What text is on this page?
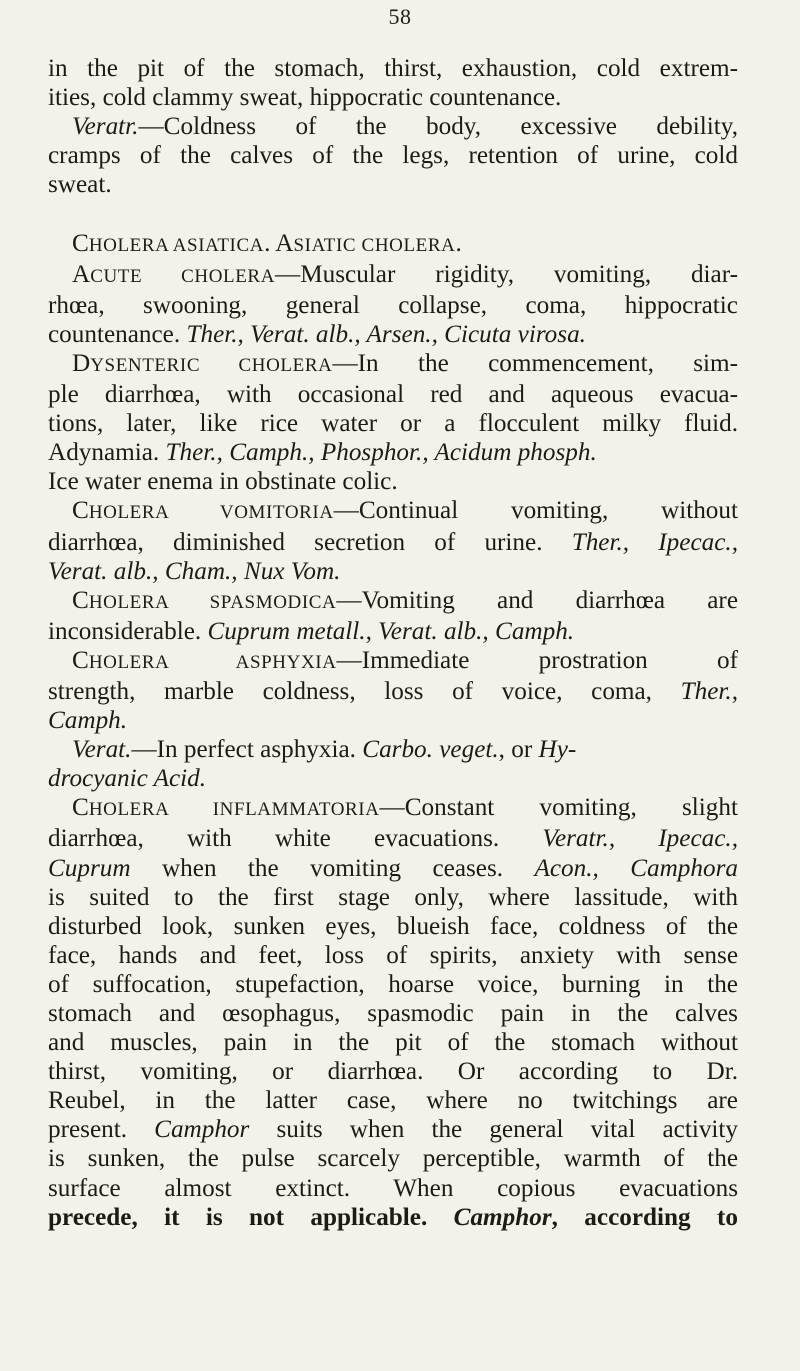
58
in the pit of the stomach, thirst, exhaustion, cold extrem-
ities, cold clammy sweat, hippocratic countenance.
Veratr.—Coldness of the body, excessive debility,
cramps of the calves of the legs, retention of urine, cold
sweat.
CHOLERA ASIATICA. ASIATIC CHOLERA.
ACUTE CHOLERA—Muscular rigidity, vomiting, diar-
rhœa, swooning, general collapse, coma, hippocratic
countenance. Ther., Verat. alb., Arsen., Cicuta virosa.
DYSENTERIC CHOLERA—In the commencement, sim-
ple diarrhœa, with occasional red and aqueous evacua-
tions, later, like rice water or a flocculent milky fluid.
Adynamia. Ther., Camph., Phosphor., Acidum phosph.
Ice water enema in obstinate colic.
CHOLERA VOMITORIA—Continual vomiting, without
diarrhœa, diminished secretion of urine. Ther., Ipecac.,
Verat. alb., Cham., Nux Vom.
CHOLERA SPASMODICA—Vomiting and diarrhœa are
inconsiderable. Cuprum metall., Verat. alb., Camph.
CHOLERA ASPHYXIA—Immediate prostration of
strength, marble coldness, loss of voice, coma, Ther.,
Camph.
Verat.—In perfect asphyxia. Carbo. veget., or Hy-
drocyanic Acid.
CHOLERA INFLAMMATORIA—Constant vomiting, slight
diarrhœa, with white evacuations. Veratr., Ipecac.,
Cuprum when the vomiting ceases. Acon., Camphora
is suited to the first stage only, where lassitude, with
disturbed look, sunken eyes, blueish face, coldness of the
face, hands and feet, loss of spirits, anxiety with sense
of suffocation, stupefaction, hoarse voice, burning in the
stomach and œsophagus, spasmodic pain in the calves
and muscles, pain in the pit of the stomach without
thirst, vomiting, or diarrhœa. Or according to Dr.
Reubel, in the latter case, where no twitchings are
present. Camphor suits when the general vital activity
is sunken, the pulse scarcely perceptible, warmth of the
surface almost extinct. When copious evacuations
precede, it is not applicable. Camphor, according to
